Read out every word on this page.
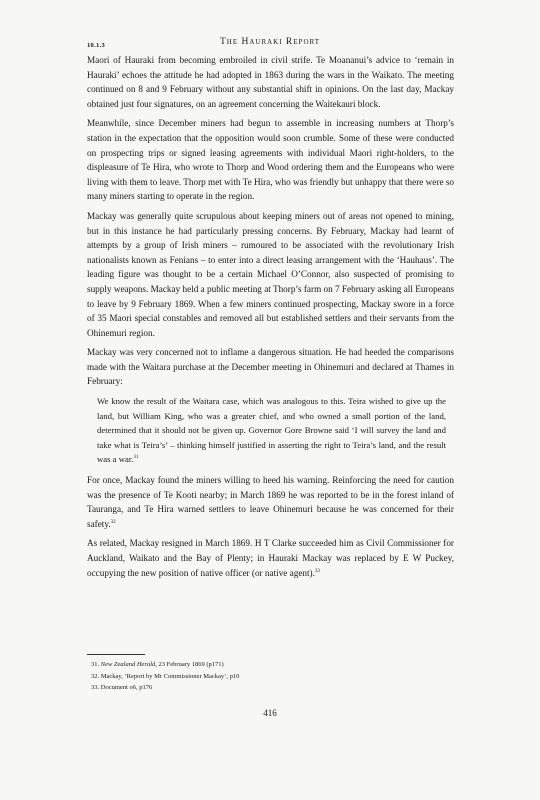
10.1.3	The Hauraki Report

Maori of Hauraki from becoming embroiled in civil strife. Te Moananui’s advice to ‘remain in Hauraki’ echoes the attitude he had adopted in 1863 during the wars in the Waikato. The meeting continued on 8 and 9 February without any substantial shift in opinions. On the last day, Mackay obtained just four signatures, on an agreement concerning the Waitekauri block.

Meanwhile, since December miners had begun to assemble in increasing numbers at Thorp’s station in the expectation that the opposition would soon crumble. Some of these were conducted on prospecting trips or signed leasing agreements with individual Maori right-holders, to the displeasure of Te Hira, who wrote to Thorp and Wood ordering them and the Europeans who were living with them to leave. Thorp met with Te Hira, who was friendly but unhappy that there were so many miners starting to operate in the region.

Mackay was generally quite scrupulous about keeping miners out of areas not opened to mining, but in this instance he had particularly pressing concerns. By February, Mackay had learnt of attempts by a group of Irish miners – rumoured to be associated with the revolutionary Irish nationalists known as Fenians – to enter into a direct leasing arrangement with the ‘Hauhaus’. The leading figure was thought to be a certain Michael O’Connor, also suspected of promising to supply weapons. Mackay held a public meeting at Thorp’s farm on 7 February asking all Europeans to leave by 9 February 1869. When a few miners continued prospecting, Mackay swore in a force of 35 Maori special constables and removed all but established settlers and their servants from the Ohinemuri region.

Mackay was very concerned not to inflame a dangerous situation. He had heeded the comparisons made with the Waitara purchase at the December meeting in Ohinemuri and declared at Thames in February:

We know the result of the Waitara case, which was analogous to this. Teira wished to give up the land, but William King, who was a greater chief, and who owned a small portion of the land, determined that it should not be given up. Governor Gore Browne said ‘I will survey the land and take what is Teira’s’ – thinking himself justified in asserting the right to Teira’s land, and the result was a war.$^{31}$

For once, Mackay found the miners willing to heed his warning. Reinforcing the need for caution was the presence of Te Kooti nearby; in March 1869 he was reported to be in the forest inland of Tauranga, and Te Hira warned settlers to leave Ohinemuri because he was concerned for their safety.$^{32}$

As related, Mackay resigned in March 1869. H T Clarke succeeded him as Civil Commissioner for Auckland, Waikato and the Bay of Plenty; in Hauraki Mackay was replaced by E W Puckey, occupying the new position of native officer (or native agent).$^{33}$

31. New Zealand Herald, 23 February 1869 (p171)
32. Mackay, ‘Report by Mr Commissioner Mackay’, p10
33. Document o6, p176
416
